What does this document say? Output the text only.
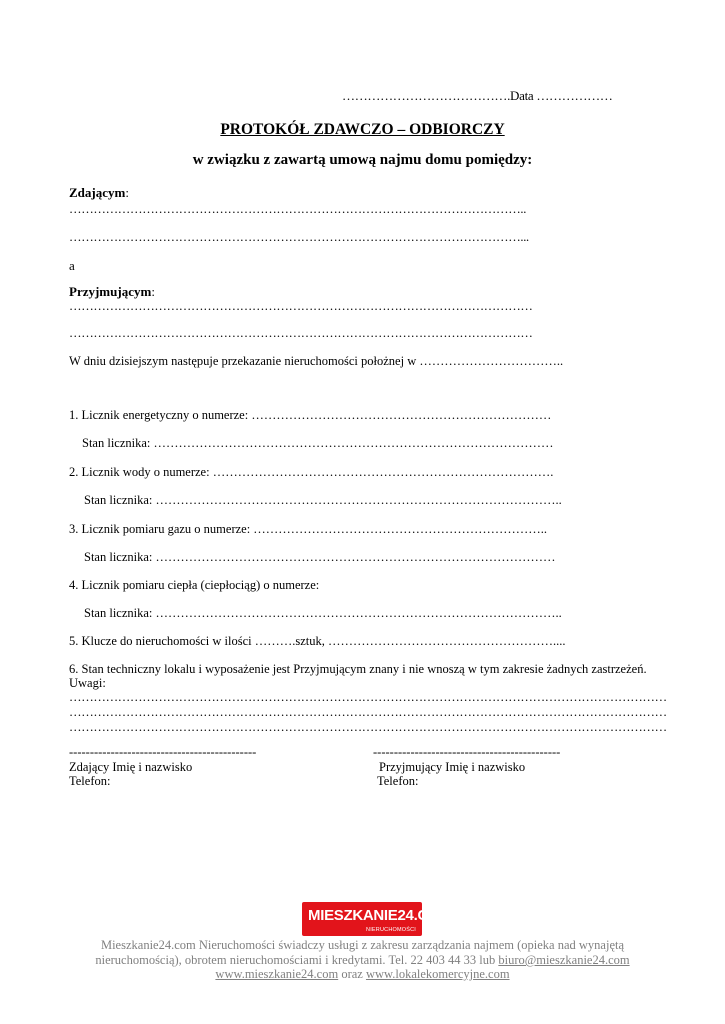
………………………………….Data ………………
PROTOKÓŁ ZDAWCZO – ODBIORCZY
w związku z zawartą umową najmu domu pomiędzy:
Zdającym:
…………………………………………………………………………………………………..
…………………………………………………………………………………………………...
a
Przyjmującym:
……………………………………………………………………………………………………
……………………………………………………………………………………………………
W dniu dzisiejszym następuje przekazanie nieruchomości położnej w ……………………………..
1. Licznik energetyczny o numerze: ………………………………………………………………
Stan licznika: ……………………………………………………………………………………
2. Licznik wody o numerze: ……………………………………………………………………….
Stan licznika: ……………………………………………………………………………………..
3. Licznik pomiaru gazu o numerze: ……………………………………………………………..
Stan licznika: ……………………………………………………………………………………
4. Licznik pomiaru ciepła (ciepłociąg) o numerze:
Stan licznika: ……………………………………………………………………………………..
5. Klucze do nieruchomości w ilości ……….sztuk, ………………………………………………....
6. Stan techniczny lokalu i wyposażenie jest Przyjmującym znany i nie wnoszą w tym zakresie żadnych zastrzeżeń.
Uwagi:
…………………………………………………………………………………………………………………………………
…………………………………………………………………………………………………………………………………
…………………………………………………………………………………………………………………………………
---------------------------------------------
Zdający Imię i nazwisko
Telefon:
---------------------------------------------
Przyjmujący Imię i nazwisko
Telefon:
MIESZKANIE24.COM
NIERUCHOMOŚCI
Mieszkanie24.com Nieruchomości świadczy usługi z zakresu zarządzania najmem (opieka nad wynajętą
nieruchomością), obrotem nieruchomościami i kredytami. Tel. 22 403 44 33 lub biuro@mieszkanie24.com
www.mieszkanie24.com oraz www.lokalekomercyjne.com
